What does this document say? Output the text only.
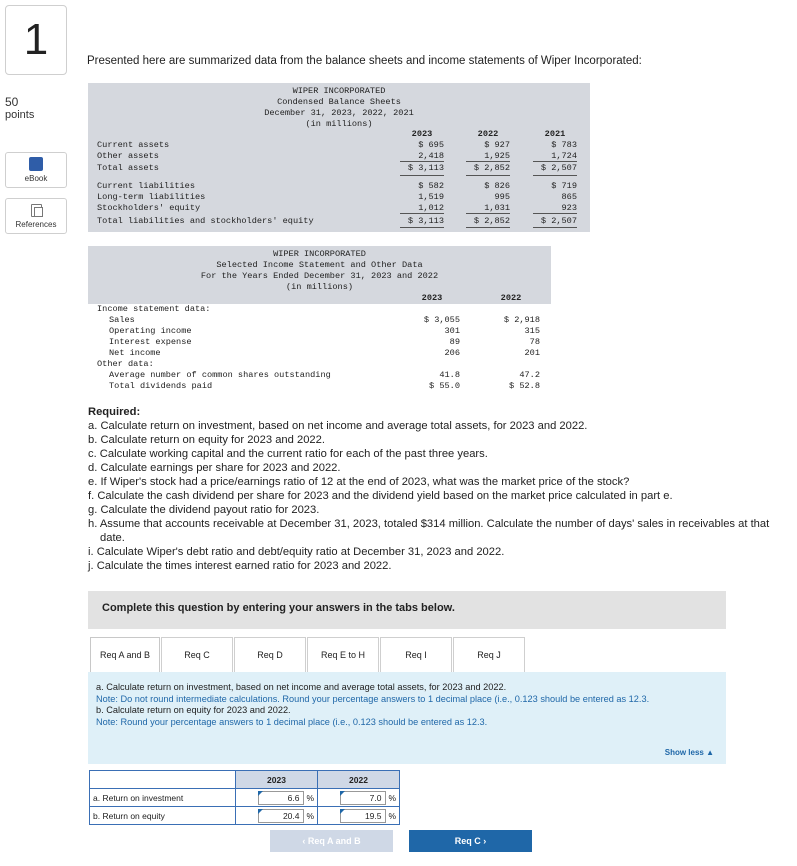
1
50
points
eBook
References
Presented here are summarized data from the balance sheets and income statements of Wiper Incorporated:
WIPER INCORPORATED
Condensed Balance Sheets
December 31, 2023, 2022, 2021
(in millions)
2023	2022	2021
Current assets	$ 695	$ 927	$ 783
Other assets	2,418	1,925	1,724
Total assets	$ 3,113	$ 2,852	$ 2,507
Current liabilities	$ 582	$ 826	$ 719
Long-term liabilities	1,519	995	865
Stockholders' equity	1,012	1,031	923
Total liabilities and stockholders' equity	$ 3,113	$ 2,852	$ 2,507
WIPER INCORPORATED
Selected Income Statement and Other Data
For the Years Ended December 31, 2023 and 2022
(in millions)
2023	2022
Income statement data:
Sales	$ 3,055	$ 2,918
Operating income	301	315
Interest expense	89	78
Net income	206	201
Other data:
Average number of common shares outstanding	41.8	47.2
Total dividends paid	$ 55.0	$ 52.8
Required:
a. Calculate return on investment, based on net income and average total assets, for 2023 and 2022.
b. Calculate return on equity for 2023 and 2022.
c. Calculate working capital and the current ratio for each of the past three years.
d. Calculate earnings per share for 2023 and 2022.
e. If Wiper's stock had a price/earnings ratio of 12 at the end of 2023, what was the market price of the stock?
f. Calculate the cash dividend per share for 2023 and the dividend yield based on the market price calculated in part e.
g. Calculate the dividend payout ratio for 2023.
h. Assume that accounts receivable at December 31, 2023, totaled $314 million. Calculate the number of days' sales in receivables at that date.
i. Calculate Wiper's debt ratio and debt/equity ratio at December 31, 2023 and 2022.
j. Calculate the times interest earned ratio for 2023 and 2022.
Complete this question by entering your answers in the tabs below.
Req A and B	Req C	Req D	Req E to H	Req I	Req J
a. Calculate return on investment, based on net income and average total assets, for 2023 and 2022.
Note: Do not round intermediate calculations. Round your percentage answers to 1 decimal place (i.e., 0.123 should be entered as 12.3.
b. Calculate return on equity for 2023 and 2022.
Note: Round your percentage answers to 1 decimal place (i.e., 0.123 should be entered as 12.3.
Show less ▲
	2023		2022	
a. Return on investment	6.6	%	7.0	%
b. Return on equity	20.4	%	19.5	%
‹ Req A and B	Req C ›
